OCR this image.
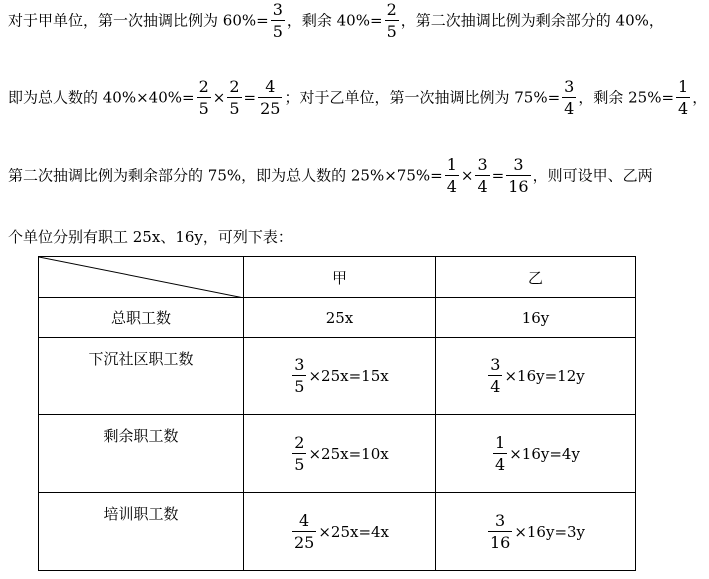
对于甲单位，第一次抽调比例为 $60\%= \frac{3}{5}$ ，剩余 $40\%= \frac{2}{5}$ ，第二次抽调比例为剩余部分的 40%，
即为总人数的 $40\%\times 40\%= \frac{2}{5} \times \frac{2}{5} = \frac{4}{25}$ ；对于乙单位，第一次抽调比例为 $75\%= \frac{3}{4}$ ，剩余 $25\%= \frac{1}{4}$ ，
第二次抽调比例为剩余部分的 75%，即为总人数的 $25\%\times 75\%= \frac{1}{4} \times \frac{3}{4} = \frac{3}{16}$ ，则可设甲、乙两
个单位分别有职工 25x、16y，可列下表：
	甲	乙
总职工数	25x	16y
下沉社区职工数	$\frac{3}{5} \times 25x=15x$	$\frac{3}{4} \times 16y=12y$
剩余职工数	$\frac{2}{5} \times 25x=10x$	$\frac{1}{4} \times 16y=4y$
培训职工数	$\frac{4}{25} \times 25x=4x$	$\frac{3}{16} \times 16y=3y$
